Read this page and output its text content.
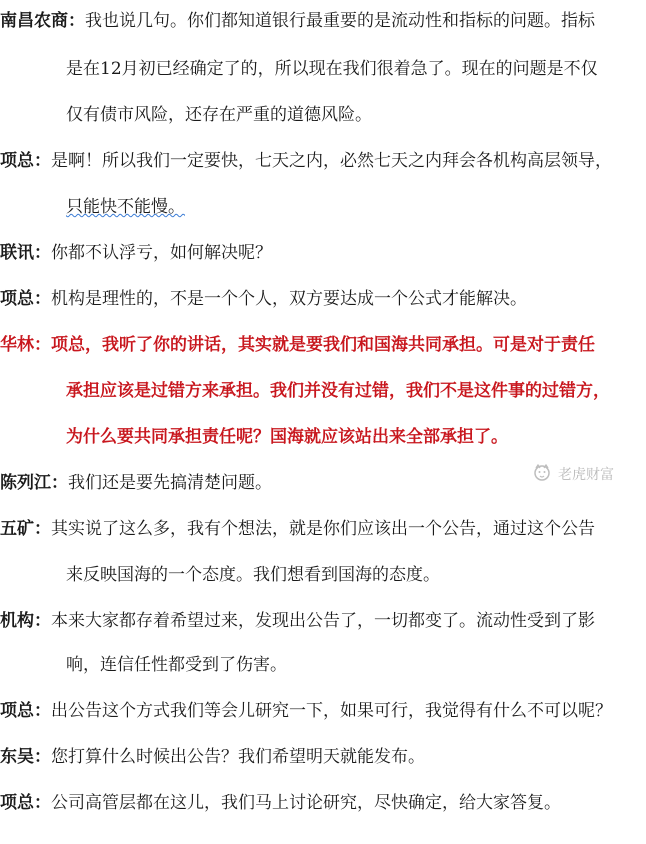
南昌农商：我也说几句。你们都知道银行最重要的是流动性和指标的问题。指标
是在12月初已经确定了的，所以现在我们很着急了。现在的问题是不仅
仅有债市风险，还存在严重的道德风险。
项总：是啊！所以我们一定要快，七天之内，必然七天之内拜会各机构高层领导，
只能快不能慢。
联讯：你都不认浮亏，如何解决呢？
项总：机构是理性的，不是一个个人，双方要达成一个公式才能解决。
华林：项总，我听了你的讲话，其实就是要我们和国海共同承担。可是对于责任
承担应该是过错方来承担。我们并没有过错，我们不是这件事的过错方，
为什么要共同承担责任呢？国海就应该站出来全部承担了。
陈列江：我们还是要先搞清楚问题。	老虎财富
五矿：其实说了这么多，我有个想法，就是你们应该出一个公告，通过这个公告
来反映国海的一个态度。我们想看到国海的态度。
机构：本来大家都存着希望过来，发现出公告了，一切都变了。流动性受到了影
响，连信任性都受到了伤害。
项总：出公告这个方式我们等会儿研究一下，如果可行，我觉得有什么不可以呢？
东吴：您打算什么时候出公告？我们希望明天就能发布。
项总：公司高管层都在这儿，我们马上讨论研究，尽快确定，给大家答复。
